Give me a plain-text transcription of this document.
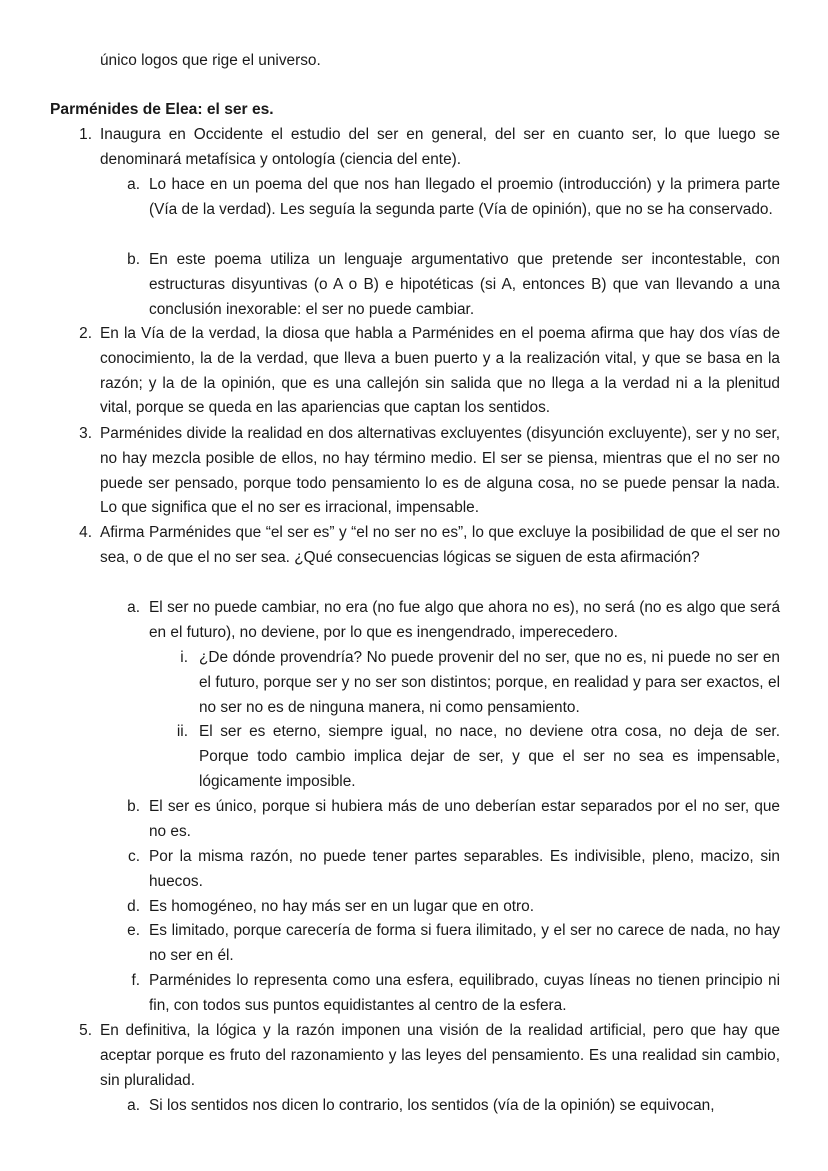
único logos que rige el universo.
Parménides de Elea: el ser es.
1. Inaugura en Occidente el estudio del ser en general, del ser en cuanto ser, lo que luego se denominará metafísica y ontología (ciencia del ente).
a. Lo hace en un poema del que nos han llegado el proemio (introducción) y la primera parte (Vía de la verdad). Les seguía la segunda parte (Vía de opinión), que no se ha conservado.
b. En este poema utiliza un lenguaje argumentativo que pretende ser incontestable, con estructuras disyuntivas (o A o B) e hipotéticas (si A, entonces B) que van llevando a una conclusión inexorable: el ser no puede cambiar.
2. En la Vía de la verdad, la diosa que habla a Parménides en el poema afirma que hay dos vías de conocimiento, la de la verdad, que lleva a buen puerto y a la realización vital, y que se basa en la razón; y la de la opinión, que es una callejón sin salida que no llega a la verdad ni a la plenitud vital, porque se queda en las apariencias que captan los sentidos.
3. Parménides divide la realidad en dos alternativas excluyentes (disyunción excluyente), ser y no ser, no hay mezcla posible de ellos, no hay término medio. El ser se piensa, mientras que el no ser no puede ser pensado, porque todo pensamiento lo es de alguna cosa, no se puede pensar la nada. Lo que significa que el no ser es irracional, impensable.
4. Afirma Parménides que “el ser es” y “el no ser no es”, lo que excluye la posibilidad de que el ser no sea, o de que el no ser sea. ¿Qué consecuencias lógicas se siguen de esta afirmación?
a. El ser no puede cambiar, no era (no fue algo que ahora no es), no será (no es algo que será en el futuro), no deviene, por lo que es inengendrado, imperecedero.
i. ¿De dónde provendría? No puede provenir del no ser, que no es, ni puede no ser en el futuro, porque ser y no ser son distintos; porque, en realidad y para ser exactos, el no ser no es de ninguna manera, ni como pensamiento.
ii. El ser es eterno, siempre igual, no nace, no deviene otra cosa, no deja de ser. Porque todo cambio implica dejar de ser, y que el ser no sea es impensable, lógicamente imposible.
b. El ser es único, porque si hubiera más de uno deberían estar separados por el no ser, que no es.
c. Por la misma razón, no puede tener partes separables. Es indivisible, pleno, macizo, sin huecos.
d. Es homogéneo, no hay más ser en un lugar que en otro.
e. Es limitado, porque carecería de forma si fuera ilimitado, y el ser no carece de nada, no hay no ser en él.
f. Parménides lo representa como una esfera, equilibrado, cuyas líneas no tienen principio ni fin, con todos sus puntos equidistantes al centro de la esfera.
5. En definitiva, la lógica y la razón imponen una visión de la realidad artificial, pero que hay que aceptar porque es fruto del razonamiento y las leyes del pensamiento. Es una realidad sin cambio, sin pluralidad.
a. Si los sentidos nos dicen lo contrario, los sentidos (vía de la opinión) se equivocan,
